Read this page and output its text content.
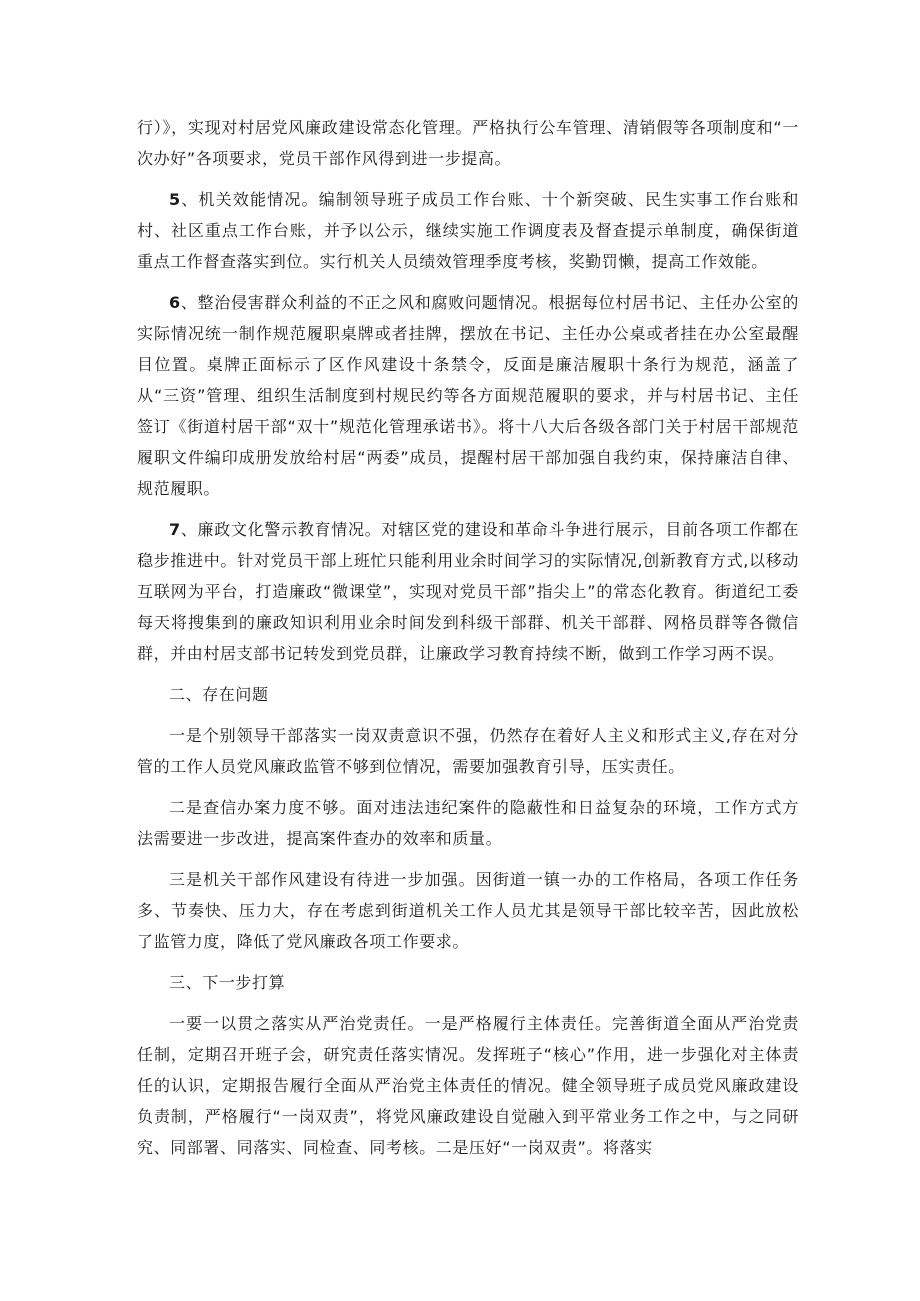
行）》，实现对村居党风廉政建设常态化管理。严格执行公车管理、清销假等各项制度和“一次办好”各项要求，党员干部作风得到进一步提高。

5、机关效能情况。编制领导班子成员工作台账、十个新突破、民生实事工作台账和村、社区重点工作台账，并予以公示，继续实施工作调度表及督查提示单制度，确保街道重点工作督查落实到位。实行机关人员绩效管理季度考核，奖勤罚懒，提高工作效能。

6、整治侵害群众利益的不正之风和腐败问题情况。根据每位村居书记、主任办公室的实际情况统一制作规范履职桌牌或者挂牌，摆放在书记、主任办公桌或者挂在办公室最醒目位置。桌牌正面标示了区作风建设十条禁令，反面是廉洁履职十条行为规范，涵盖了从“三资”管理、组织生活制度到村规民约等各方面规范履职的要求，并与村居书记、主任签订《街道村居干部“双十”规范化管理承诺书》。将十八大后各级各部门关于村居干部规范履职文件编印成册发放给村居“两委”成员，提醒村居干部加强自我约束，保持廉洁自律、规范履职。

7、廉政文化警示教育情况。对辖区党的建设和革命斗争进行展示，目前各项工作都在稳步推进中。针对党员干部上班忙只能利用业余时间学习的实际情况,创新教育方式,以移动互联网为平台，打造廉政“微课堂”，实现对党员干部”指尖上”的常态化教育。街道纪工委每天将搜集到的廉政知识利用业余时间发到科级干部群、机关干部群、网格员群等各微信群，并由村居支部书记转发到党员群，让廉政学习教育持续不断，做到工作学习两不误。

二、存在问题

一是个别领导干部落实一岗双责意识不强，仍然存在着好人主义和形式主义,存在对分管的工作人员党风廉政监管不够到位情况，需要加强教育引导，压实责任。

二是查信办案力度不够。面对违法违纪案件的隐蔽性和日益复杂的环境，工作方式方法需要进一步改进，提高案件查办的效率和质量。

三是机关干部作风建设有待进一步加强。因街道一镇一办的工作格局，各项工作任务多、节奏快、压力大，存在考虑到街道机关工作人员尤其是领导干部比较辛苦，因此放松了监管力度，降低了党风廉政各项工作要求。

三、下一步打算

一要一以贯之落实从严治党责任。一是严格履行主体责任。完善街道全面从严治党责任制，定期召开班子会，研究责任落实情况。发挥班子“核心”作用，进一步强化对主体责任的认识，定期报告履行全面从严治党主体责任的情况。健全领导班子成员党风廉政建设负责制，严格履行“一岗双责”，将党风廉政建设自觉融入到平常业务工作之中，与之同研究、同部署、同落实、同检查、同考核。二是压好“一岗双责”。将落实
